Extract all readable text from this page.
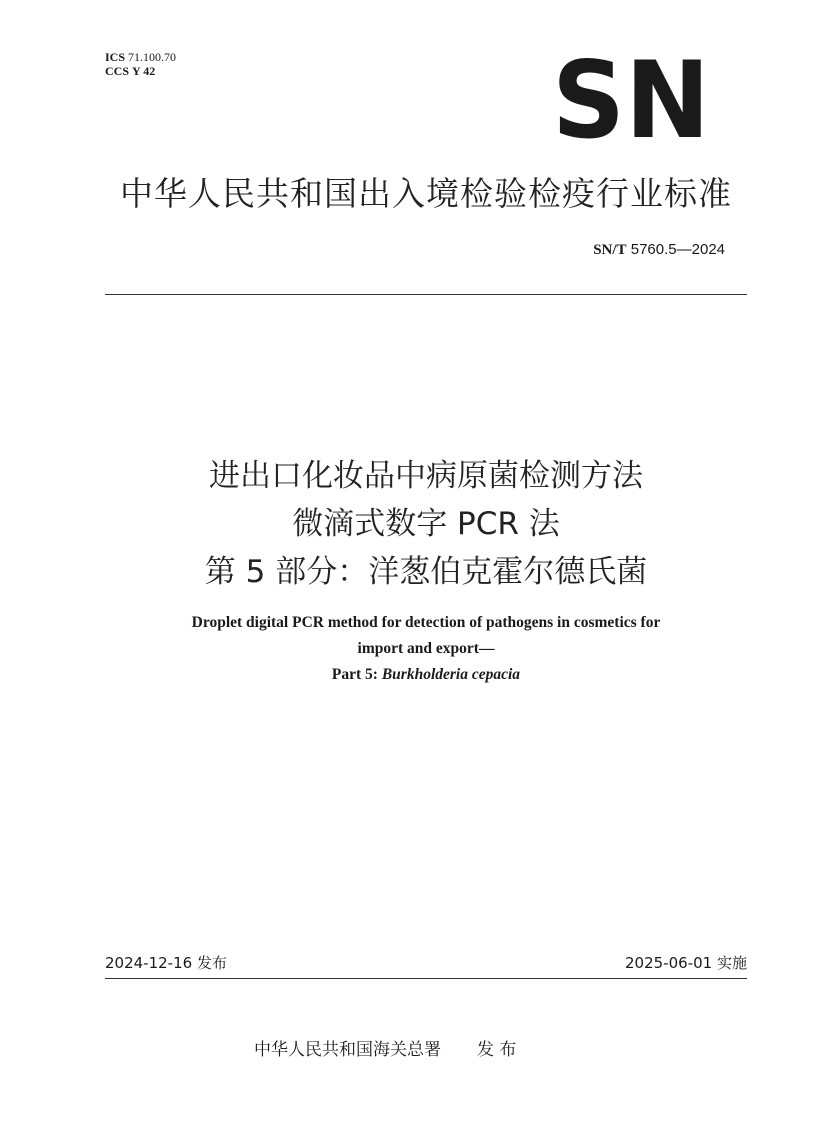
ICS 71.100.70
CCS Y 42	SN
中华人民共和国出入境检验检疫行业标准
SN/T 5760.5—2024
进出口化妆品中病原菌检测方法
微滴式数字 PCR 法
第 5 部分：洋葱伯克霍尔德氏菌
Droplet digital PCR method for detection of pathogens in cosmetics for
import and export—
Part 5: Burkholderia cepacia
2024-12-16 发布	2025-06-01 实施
中华人民共和国海关总署 发 布
